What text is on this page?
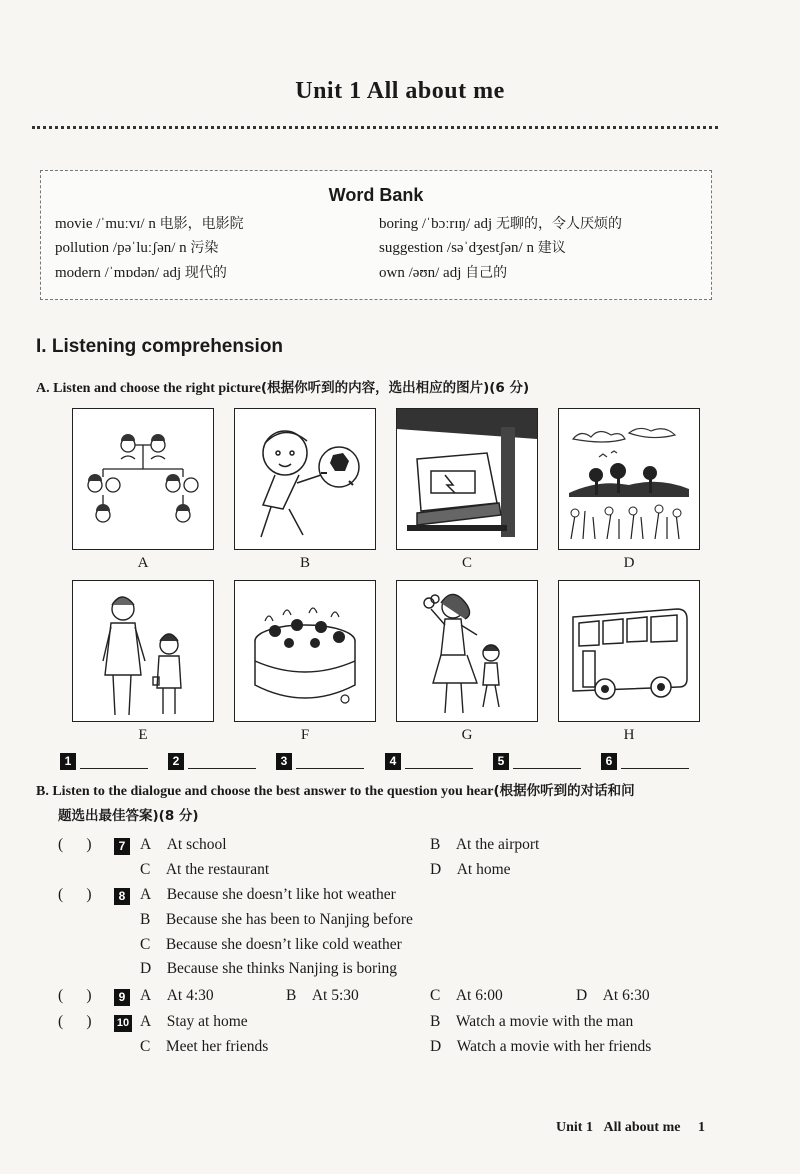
Unit 1 All about me
Word Bank
movie /ˈmuːvɪ/ n 电影，电影院	boring /ˈbɔːrɪŋ/ adj 无聊的，令人厌烦的
pollution /pəˈluːʃən/ n 污染	suggestion /səˈdʒestʃən/ n 建议
modern /ˈmɒdən/ adj 现代的	own /əʊn/ adj 自己的
I. Listening comprehension
A. Listen and choose the right picture(根据你听到的内容，选出相应的图片)(6 分)
A	B	C	D
E	F	G	H
1	2	3	4	5	6
B. Listen to the dialogue and choose the best answer to the question you hear(根据你听到的对话和问
题选出最佳答案)(8 分)
(      )	7 A At school	B At the airport
C At the restaurant	D At home
(      )	8 A Because she doesn’t like hot weather
B Because she has been to Nanjing before
C Because she doesn’t like cold weather
D Because she thinks Nanjing is boring
(      )	9 A At 4:30	B At 5:30	C At 6:00	D At 6:30
(      ) 10 A Stay at home	B Watch a movie with the man
C Meet her friends	D Watch a movie with her friends
Unit 1 All about me 1
